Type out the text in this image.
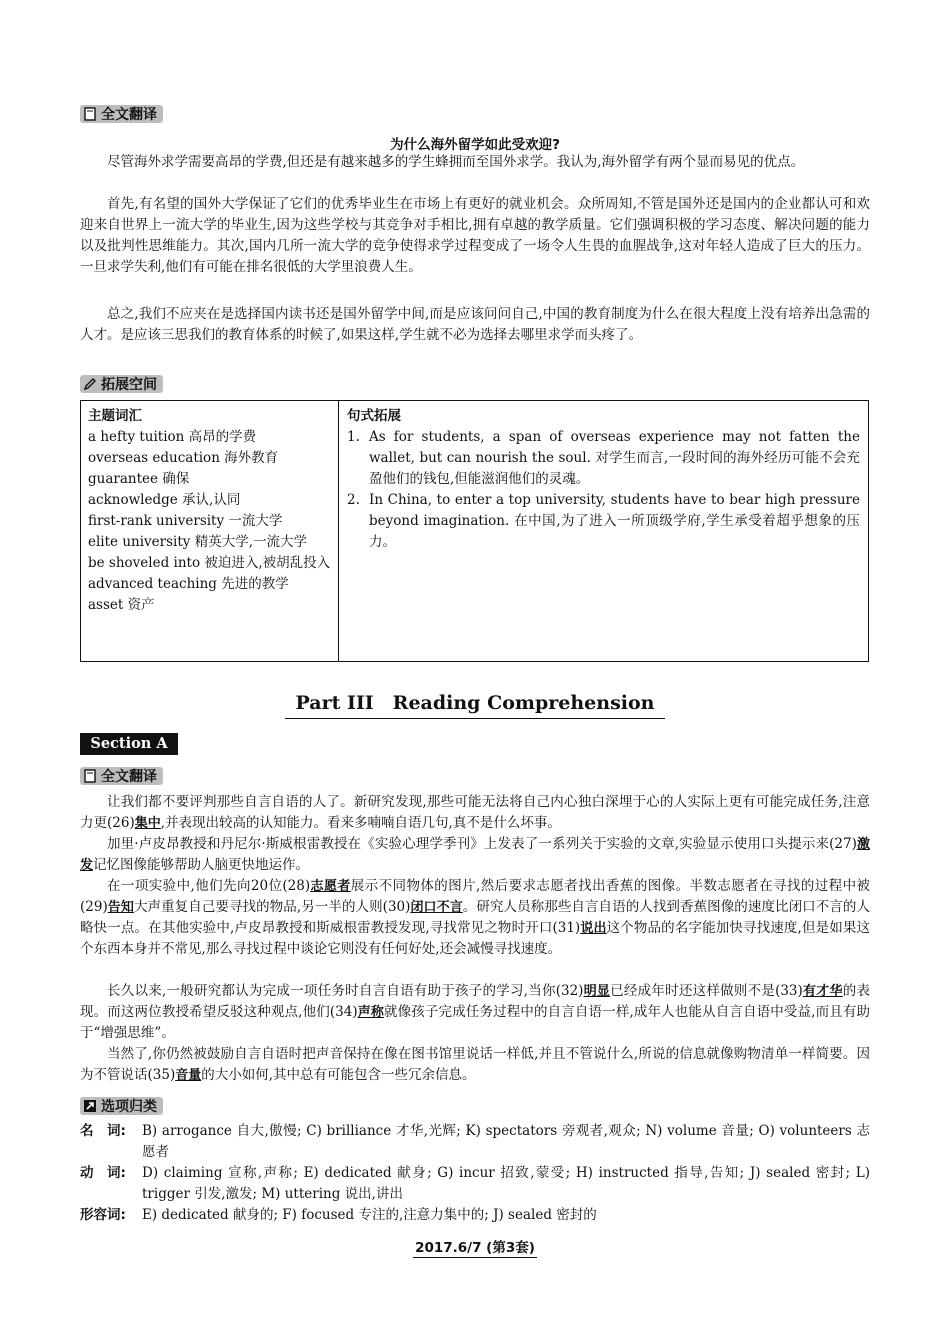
全文翻译
为什么海外留学如此受欢迎?

尽管海外求学需要高昂的学费,但还是有越来越多的学生蜂拥而至国外求学。我认为,海外留学有两个显而易见的优点。

首先,有名望的国外大学保证了它们的优秀毕业生在市场上有更好的就业机会。众所周知,不管是国外还是国内的企业都认可和欢迎来自世界上一流大学的毕业生,因为这些学校与其竞争对手相比,拥有卓越的教学质量。它们强调积极的学习态度、解决问题的能力以及批判性思维能力。其次,国内几所一流大学的竞争使得求学过程变成了一场令人生畏的血腥战争,这对年轻人造成了巨大的压力。一旦求学失利,他们有可能在排名很低的大学里浪费人生。

总之,我们不应夹在是选择国内读书还是国外留学中间,而是应该问问自己,中国的教育制度为什么在很大程度上没有培养出急需的人才。是应该三思我们的教育体系的时候了,如果这样,学生就不必为选择去哪里求学而头疼了。

拓展空间
主题词汇
a hefty tuition 高昂的学费
overseas education 海外教育
guarantee 确保
acknowledge 承认,认同
first-rank university 一流大学
elite university 精英大学,一流大学
be shoveled into 被迫进入,被胡乱投入
advanced teaching 先进的教学
asset 资产
句式拓展
1. As for students, a span of overseas experience may not fatten the wallet, but can nourish the soul. 对学生而言,一段时间的海外经历可能不会充盈他们的钱包,但能滋润他们的灵魂。
2. In China, to enter a top university, students have to bear high pressure beyond imagination. 在中国,为了进入一所顶级学府,学生承受着超乎想象的压力。
Part III　Reading Comprehension
Section A
全文翻译

让我们都不要评判那些自言自语的人了。新研究发现,那些可能无法将自己内心独白深埋于心的人实际上更有可能完成任务,注意力更(26)集中,并表现出较高的认知能力。看来多喃喃自语几句,真不是什么坏事。

加里·卢皮昂教授和丹尼尔·斯威根雷教授在《实验心理学季刊》上发表了一系列关于实验的文章,实验显示使用口头提示来(27)激发记忆图像能够帮助人脑更快地运作。

在一项实验中,他们先向20位(28)志愿者展示不同物体的图片,然后要求志愿者找出香蕉的图像。半数志愿者在寻找的过程中被(29)告知大声重复自己要寻找的物品,另一半的人则(30)闭口不言。研究人员称那些自言自语的人找到香蕉图像的速度比闭口不言的人略快一点。在其他实验中,卢皮昂教授和斯威根雷教授发现,寻找常见之物时开口(31)说出这个物品的名字能加快寻找速度,但是如果这个东西本身并不常见,那么寻找过程中谈论它则没有任何好处,还会减慢寻找速度。

长久以来,一般研究都认为完成一项任务时自言自语有助于孩子的学习,当你(32)明显已经成年时还这样做则不是(33)有才华的表现。而这两位教授希望反驳这种观点,他们(34)声称就像孩子完成任务过程中的自言自语一样,成年人也能从自言自语中受益,而且有助于“增强思维”。

当然了,你仍然被鼓励自言自语时把声音保持在像在图书馆里说话一样低,并且不管说什么,所说的信息就像购物清单一样简要。因为不管说话(35)音量的大小如何,其中总有可能包含一些冗余信息。

选项归类
名　词:	B) arrogance 自大,傲慢; C) brilliance 才华,光辉; K) spectators 旁观者,观众; N) volume 音量; O) volunteers 志愿者
动　词:	D) claiming 宣称,声称; E) dedicated 献身; G) incur 招致,蒙受; H) instructed 指导,告知; J) sealed 密封; L) trigger 引发,激发; M) uttering 说出,讲出
形容词:	E) dedicated 献身的; F) focused 专注的,注意力集中的; J) sealed 密封的
2017.6/7 (第3套)
